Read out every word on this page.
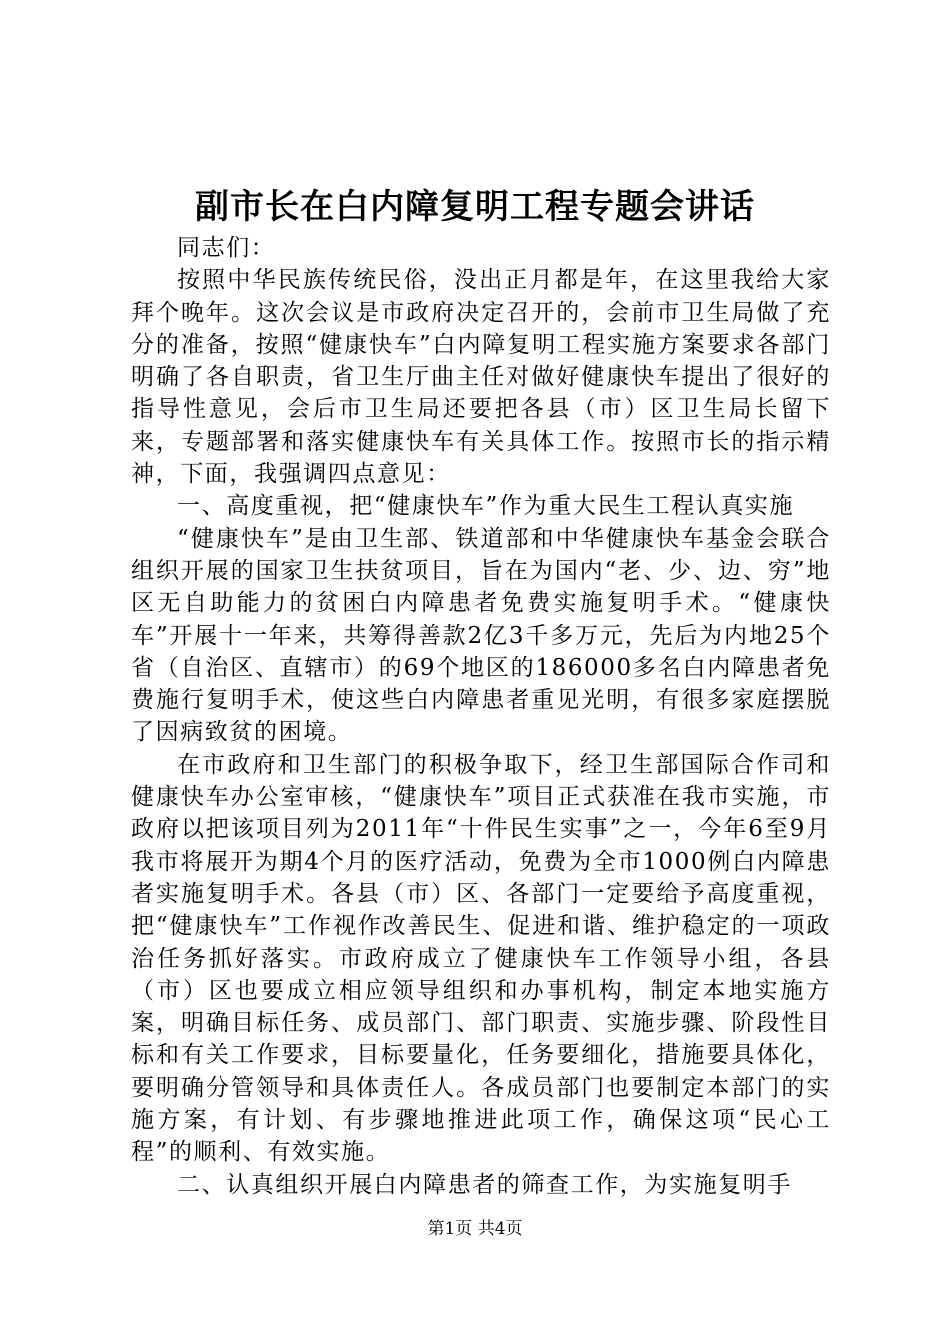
副市长在白内障复明工程专题会讲话

同志们：

按照中华民族传统民俗，没出正月都是年，在这里我给大家拜个晚年。这次会议是市政府决定召开的，会前市卫生局做了充分的准备，按照“健康快车”白内障复明工程实施方案要求各部门明确了各自职责，省卫生厅曲主任对做好健康快车提出了很好的指导性意见，会后市卫生局还要把各县（市）区卫生局长留下来，专题部署和落实健康快车有关具体工作。按照市长的指示精神，下面，我强调四点意见：

一、高度重视，把“健康快车”作为重大民生工程认真实施

“健康快车”是由卫生部、铁道部和中华健康快车基金会联合组织开展的国家卫生扶贫项目，旨在为国内“老、少、边、穷”地区无自助能力的贫困白内障患者免费实施复明手术。“健康快车”开展十一年来，共筹得善款2亿3千多万元，先后为内地25个省（自治区、直辖市）的69个地区的186000多名白内障患者免费施行复明手术，使这些白内障患者重见光明，有很多家庭摆脱了因病致贫的困境。

在市政府和卫生部门的积极争取下，经卫生部国际合作司和健康快车办公室审核，“健康快车”项目正式获准在我市实施，市政府以把该项目列为2011年“十件民生实事”之一，今年6至9月我市将展开为期4个月的医疗活动，免费为全市1000例白内障患者实施复明手术。各县（市）区、各部门一定要给予高度重视，把“健康快车”工作视作改善民生、促进和谐、维护稳定的一项政治任务抓好落实。市政府成立了健康快车工作领导小组，各县（市）区也要成立相应领导组织和办事机构，制定本地实施方案，明确目标任务、成员部门、部门职责、实施步骤、阶段性目标和有关工作要求，目标要量化，任务要细化，措施要具体化，要明确分管领导和具体责任人。各成员部门也要制定本部门的实施方案，有计划、有步骤地推进此项工作，确保这项“民心工程”的顺利、有效实施。

二、认真组织开展白内障患者的筛查工作，为实施复明手

第1页 共4页
